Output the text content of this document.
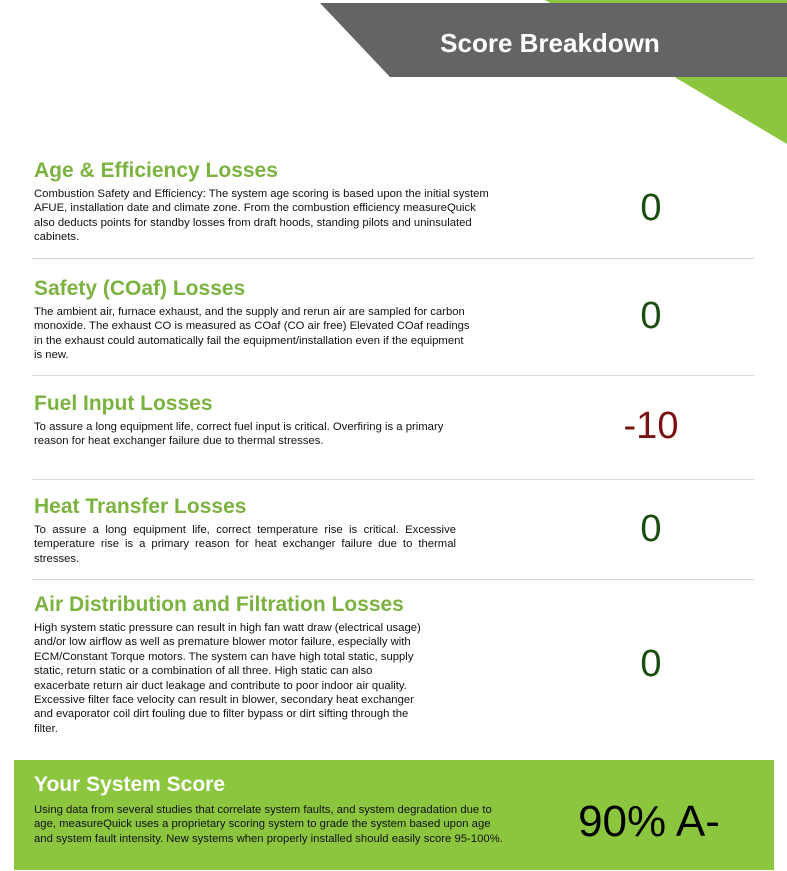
Score Breakdown
Age & Efficiency Losses

Combustion Safety and Efficiency: The system age scoring is based upon the initial system AFUE, installation date and climate zone. From the combustion efficiency measureQuick also deducts points for standby losses from draft hoods, standing pilots and uninsulated cabinets.

0
Safety (COaf) Losses

The ambient air, furnace exhaust, and the supply and rerun air are sampled for carbon monoxide. The exhaust CO is measured as COaf (CO air free) Elevated COaf readings in the exhaust could automatically fail the equipment/installation even if the equipment is new.

0
Fuel Input Losses

To assure a long equipment life, correct fuel input is critical. Overfiring is a primary reason for heat exchanger failure due to thermal stresses.	-10
Heat Transfer Losses

To assure a long equipment life, correct temperature rise is critical. Excessive temperature rise is a primary reason for heat exchanger failure due to thermal stresses.

0
Air Distribution and Filtration Losses

High system static pressure can result in high fan watt draw (electrical usage) and/or low airflow as well as premature blower motor failure, especially with ECM/Constant Torque motors. The system can have high total static, supply static, return static or a combination of all three. High static can also exacerbate return air duct leakage and contribute to poor indoor air quality. Excessive filter face velocity can result in blower, secondary heat exchanger and evaporator coil dirt fouling due to filter bypass or dirt sifting through the filter.

0
Your System Score

Using data from several studies that correlate system faults, and system degradation due to age, measureQuick uses a proprietary scoring system to grade the system based upon age and system fault intensity. New systems when properly installed should easily score 95-100%.	90% A-
